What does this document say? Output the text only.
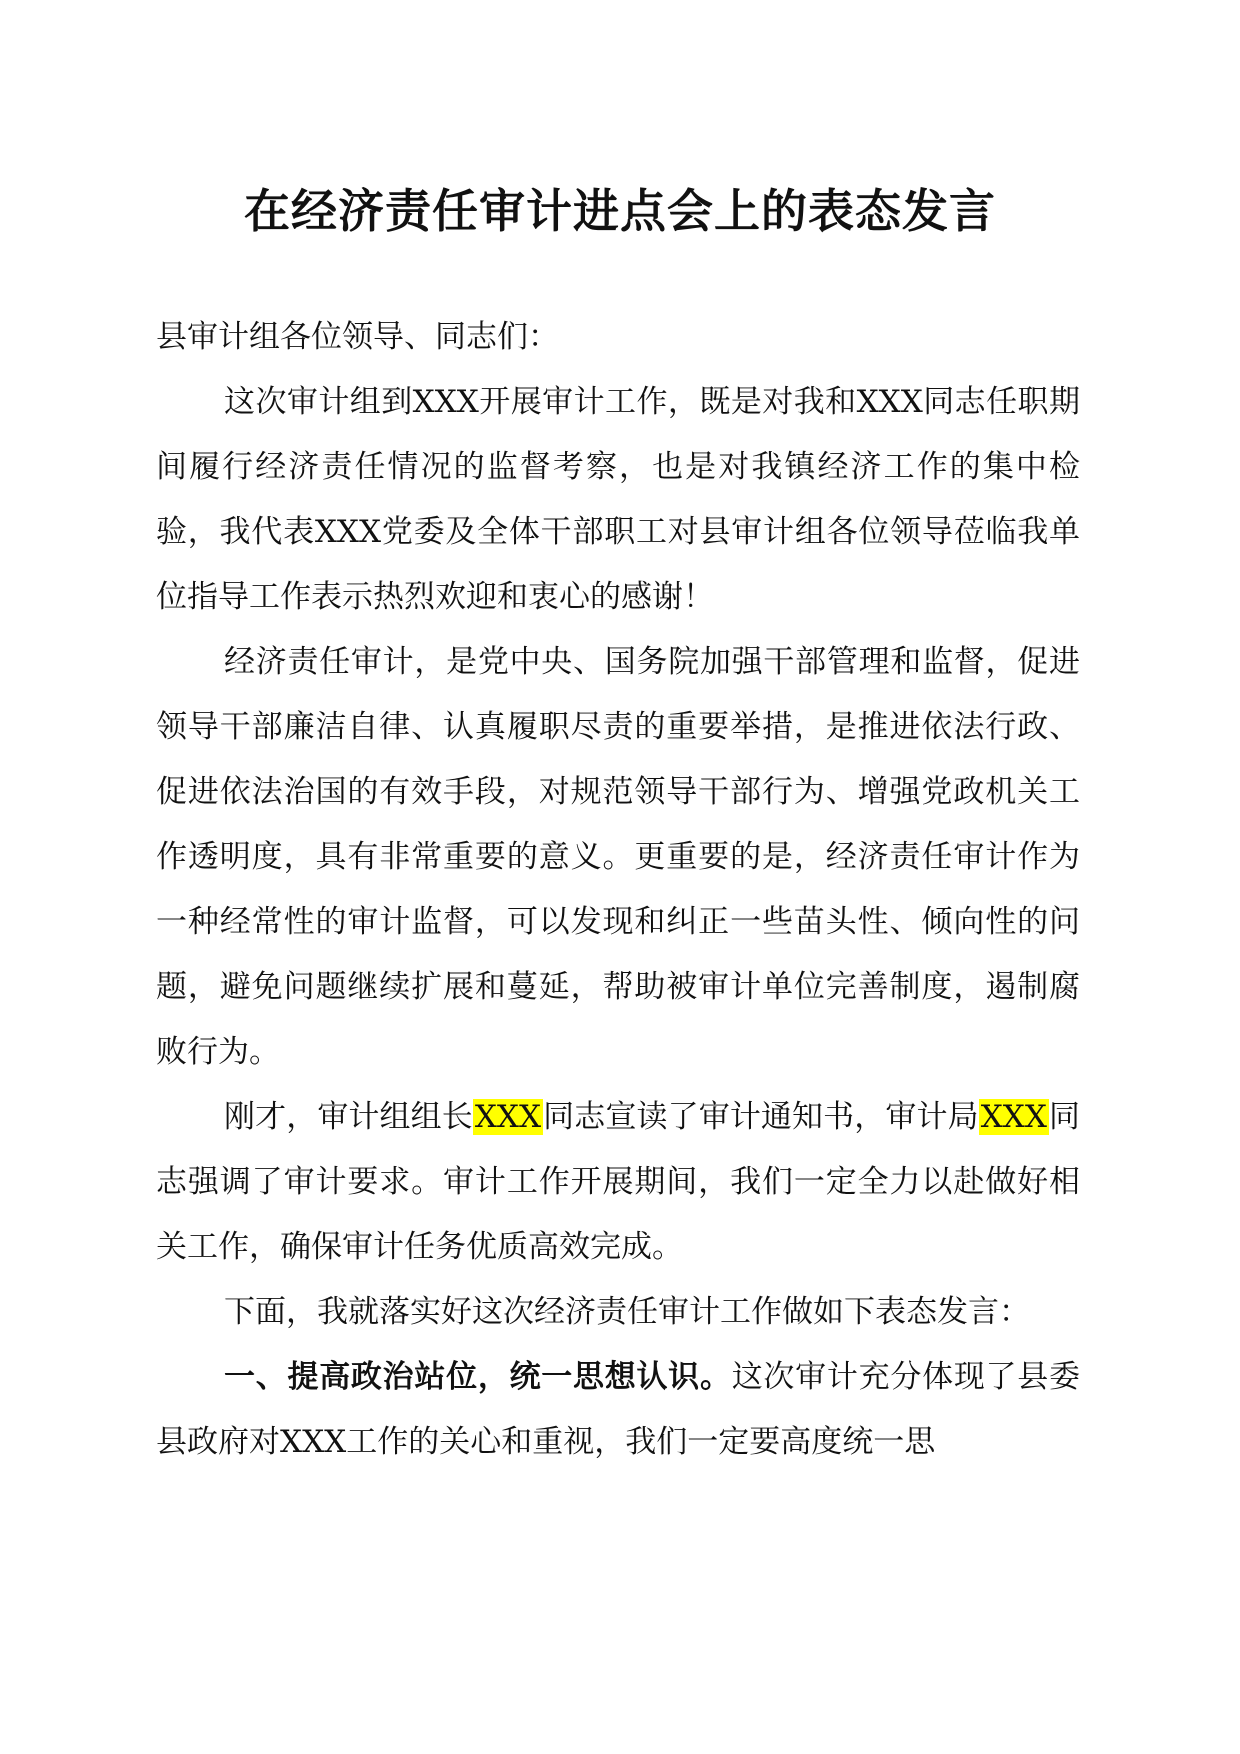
在经济责任审计进点会上的表态发言

县审计组各位领导、同志们：

这次审计组到XXX开展审计工作，既是对我和XXX同志任职期间履行经济责任情况的监督考察，也是对我镇经济工作的集中检验，我代表XXX党委及全体干部职工对县审计组各位领导莅临我单位指导工作表示热烈欢迎和衷心的感谢！

经济责任审计，是党中央、国务院加强干部管理和监督，促进领导干部廉洁自律、认真履职尽责的重要举措，是推进依法行政、促进依法治国的有效手段，对规范领导干部行为、增强党政机关工作透明度，具有非常重要的意义。更重要的是，经济责任审计作为一种经常性的审计监督，可以发现和纠正一些苗头性、倾向性的问题，避免问题继续扩展和蔓延，帮助被审计单位完善制度，遏制腐败行为。

刚才，审计组组长XXX同志宣读了审计通知书，审计局XXX同志强调了审计要求。审计工作开展期间，我们一定全力以赴做好相关工作，确保审计任务优质高效完成。

下面，我就落实好这次经济责任审计工作做如下表态发言：

一、提高政治站位，统一思想认识。这次审计充分体现了县委县政府对XXX工作的关心和重视，我们一定要高度统一思
